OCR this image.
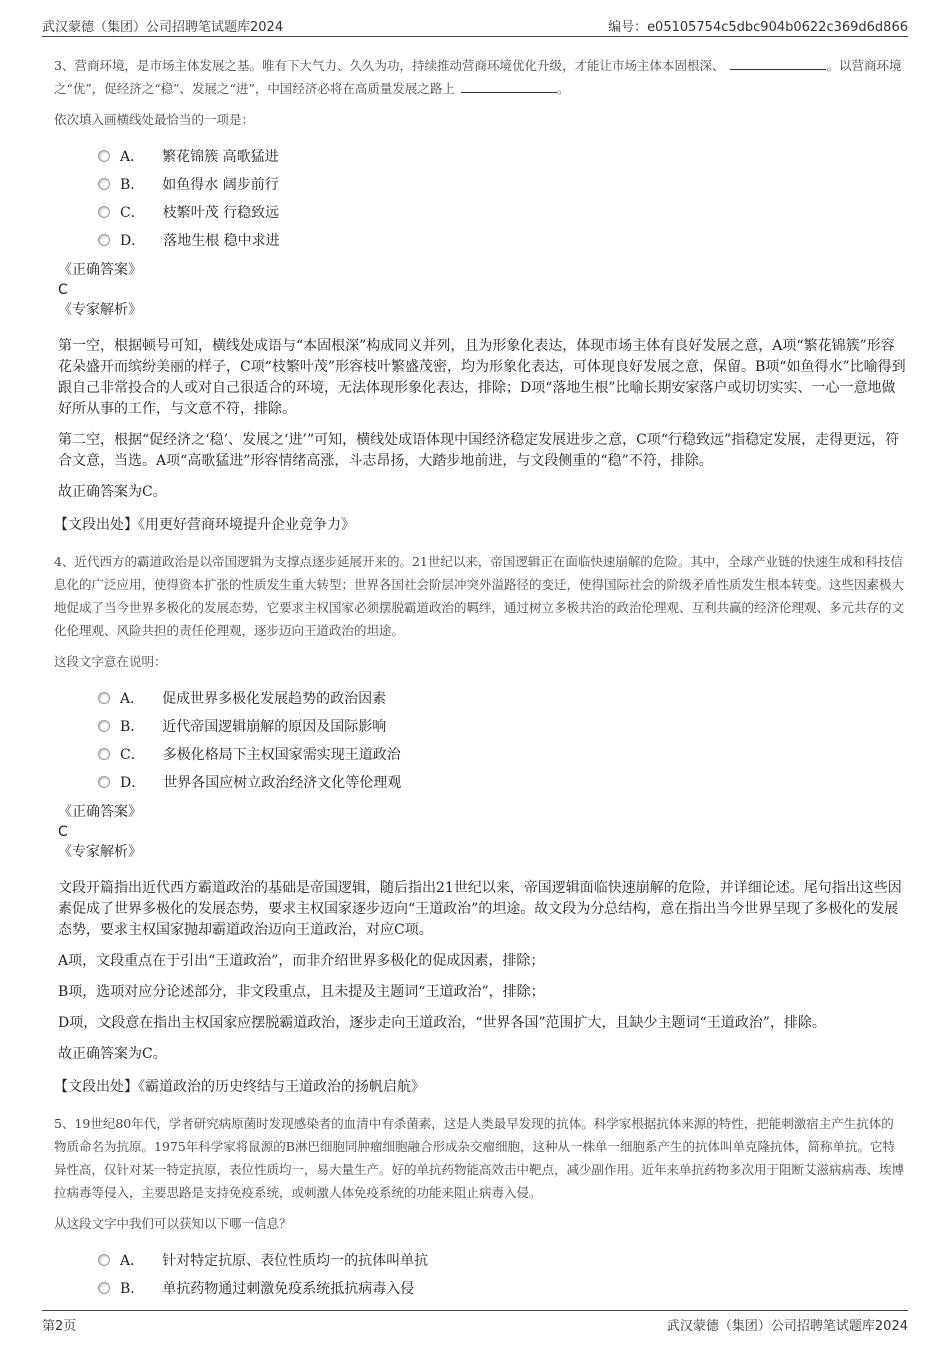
武汉蒙德（集团）公司招聘笔试题库2024	编号：e05105754c5dbc904b0622c369d6d866

3、营商环境，是市场主体发展之基。唯有下大气力、久久为功，持续推动营商环境优化升级，才能让市场主体本固根深、	。以营商环境之“优”，促经济之“稳”、发展之“进”，中国经济必将在高质量发展之路上	。

依次填入画横线处最恰当的一项是：

A． 繁花锦簇 高歌猛进
B． 如鱼得水 阔步前行
C． 枝繁叶茂 行稳致远
D． 落地生根 稳中求进
《正确答案》
C
《专家解析》

第一空，根据顿号可知，横线处成语与“本固根深”构成同义并列，且为形象化表达，体现市场主体有良好发展之意，A项“繁花锦簇”形容花朵盛开而缤纷美丽的样子，C项“枝繁叶茂”形容枝叶繁盛茂密，均为形象化表达，可体现良好发展之意，保留。B项“如鱼得水”比喻得到跟自己非常投合的人或对自己很适合的环境，无法体现形象化表达，排除；D项“落地生根”比喻长期安家落户或切切实实、一心一意地做好所从事的工作，与文意不符，排除。

第二空，根据“促经济之‘稳’、发展之‘进’”可知，横线处成语体现中国经济稳定发展进步之意，C项“行稳致远”指稳定发展，走得更远，符合文意，当选。A项“高歌猛进”形容情绪高涨，斗志昂扬，大踏步地前进，与文段侧重的“稳”不符，排除。

故正确答案为C。

【文段出处】《用更好营商环境提升企业竞争力》

4、近代西方的霸道政治是以帝国逻辑为支撑点逐步延展开来的。21世纪以来，帝国逻辑正在面临快速崩解的危险。其中，全球产业链的快速生成和科技信息化的广泛应用，使得资本扩张的性质发生重大转型；世界各国社会阶层冲突外溢路径的变迁，使得国际社会的阶级矛盾性质发生根本转变。这些因素极大地促成了当今世界多极化的发展态势，它要求主权国家必须摆脱霸道政治的羁绊，通过树立多极共治的政治伦理观、互利共赢的经济伦理观、多元共存的文化伦理观、风险共担的责任伦理观，逐步迈向王道政治的坦途。

这段文字意在说明：

A． 促成世界多极化发展趋势的政治因素
B． 近代帝国逻辑崩解的原因及国际影响
C． 多极化格局下主权国家需实现王道政治
D． 世界各国应树立政治经济文化等伦理观
《正确答案》
C
《专家解析》

文段开篇指出近代西方霸道政治的基础是帝国逻辑，随后指出21世纪以来，帝国逻辑面临快速崩解的危险，并详细论述。尾句指出这些因素促成了世界多极化的发展态势，要求主权国家逐步迈向“王道政治”的坦途。故文段为分总结构，意在指出当今世界呈现了多极化的发展态势，要求主权国家抛却霸道政治迈向王道政治，对应C项。

A项，文段重点在于引出“王道政治”，而非介绍世界多极化的促成因素，排除；

B项，选项对应分论述部分，非文段重点，且未提及主题词“王道政治”，排除；

D项，文段意在指出主权国家应摆脱霸道政治，逐步走向王道政治，“世界各国”范围扩大，且缺少主题词“王道政治”，排除。

故正确答案为C。

【文段出处】《霸道政治的历史终结与王道政治的扬帆启航》

5、19世纪80年代，学者研究病原菌时发现感染者的血清中有杀菌素，这是人类最早发现的抗体。科学家根据抗体来源的特性，把能刺激宿主产生抗体的物质命名为抗原。1975年科学家将鼠源的B淋巴细胞同肿瘤细胞融合形成杂交瘤细胞，这种从一株单一细胞系产生的抗体叫单克隆抗体，简称单抗。它特异性高，仅针对某一特定抗原，表位性质均一，易大量生产。好的单抗药物能高效击中靶点，减少副作用。近年来单抗药物多次用于阻断艾滋病病毒、埃博拉病毒等侵入，主要思路是支持免疫系统，或刺激人体免疫系统的功能来阻止病毒入侵。

从这段文字中我们可以获知以下哪一信息？

A． 针对特定抗原、表位性质均一的抗体叫单抗
B． 单抗药物通过刺激免疫系统抵抗病毒入侵
第2页	武汉蒙德（集团）公司招聘笔试题库2024
